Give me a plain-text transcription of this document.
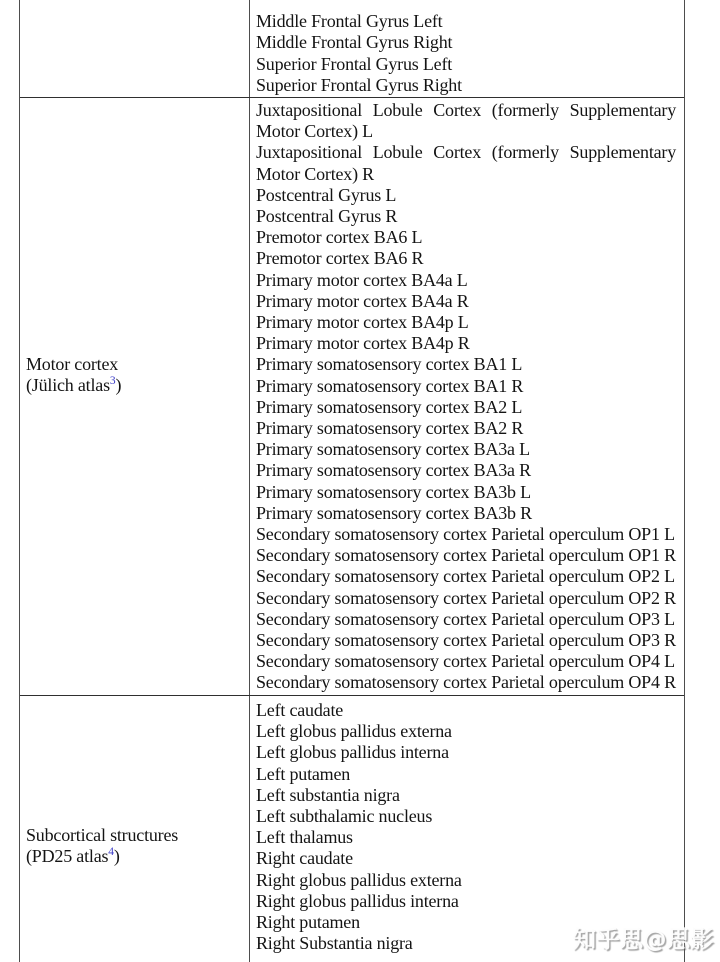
Middle Frontal Gyrus Left
Middle Frontal Gyrus Right
Superior Frontal Gyrus Left
Superior Frontal Gyrus Right
Motor cortex
(Jülich atlas$^3$)
Juxtapositional Lobule Cortex (formerly Supplementary
Motor Cortex) L
Juxtapositional Lobule Cortex (formerly Supplementary
Motor Cortex) R
Postcentral Gyrus L
Postcentral Gyrus R
Premotor cortex BA6 L
Premotor cortex BA6 R
Primary motor cortex BA4a L
Primary motor cortex BA4a R
Primary motor cortex BA4p L
Primary motor cortex BA4p R
Primary somatosensory cortex BA1 L
Primary somatosensory cortex BA1 R
Primary somatosensory cortex BA2 L
Primary somatosensory cortex BA2 R
Primary somatosensory cortex BA3a L
Primary somatosensory cortex BA3a R
Primary somatosensory cortex BA3b L
Primary somatosensory cortex BA3b R
Secondary somatosensory cortex Parietal operculum OP1 L
Secondary somatosensory cortex Parietal operculum OP1 R
Secondary somatosensory cortex Parietal operculum OP2 L
Secondary somatosensory cortex Parietal operculum OP2 R
Secondary somatosensory cortex Parietal operculum OP3 L
Secondary somatosensory cortex Parietal operculum OP3 R
Secondary somatosensory cortex Parietal operculum OP4 L
Secondary somatosensory cortex Parietal operculum OP4 R
Subcortical structures
(PD25 atlas$^4$)
Left caudate
Left globus pallidus externa
Left globus pallidus interna
Left putamen
Left substantia nigra
Left subthalamic nucleus
Left thalamus
Right caudate
Right globus pallidus externa
Right globus pallidus interna
Right putamen
Right Substantia nigra	知乎思@思影
